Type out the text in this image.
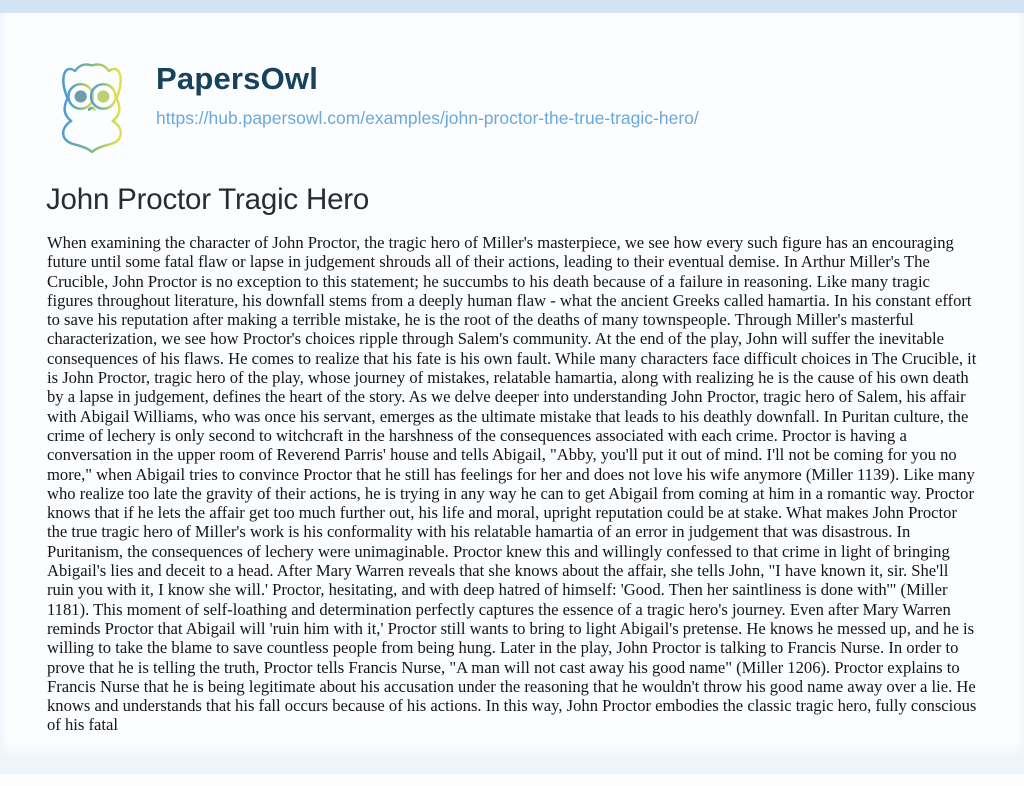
PapersOwl
https://hub.papersowl.com/examples/john-proctor-the-true-tragic-hero/
John Proctor Tragic Hero

When examining the character of John Proctor, the tragic hero of Miller's masterpiece, we see how every such figure has an encouraging future until some fatal flaw or lapse in judgement shrouds all of their actions, leading to their eventual demise. In Arthur Miller's The Crucible, John Proctor is no exception to this statement; he succumbs to his death because of a failure in reasoning. Like many tragic figures throughout literature, his downfall stems from a deeply human flaw - what the ancient Greeks called hamartia. In his constant effort to save his reputation after making a terrible mistake, he is the root of the deaths of many townspeople. Through Miller's masterful characterization, we see how Proctor's choices ripple through Salem's community. At the end of the play, John will suffer the inevitable consequences of his flaws. He comes to realize that his fate is his own fault. While many characters face difficult choices in The Crucible, it is John Proctor, tragic hero of the play, whose journey of mistakes, relatable hamartia, along with realizing he is the cause of his own death by a lapse in judgement, defines the heart of the story. As we delve deeper into understanding John Proctor, tragic hero of Salem, his affair with Abigail Williams, who was once his servant, emerges as the ultimate mistake that leads to his deathly downfall. In Puritan culture, the crime of lechery is only second to witchcraft in the harshness of the consequences associated with each crime. Proctor is having a conversation in the upper room of Reverend Parris' house and tells Abigail, "Abby, you'll put it out of mind. I'll not be coming for you no more," when Abigail tries to convince Proctor that he still has feelings for her and does not love his wife anymore (Miller 1139). Like many who realize too late the gravity of their actions, he is trying in any way he can to get Abigail from coming at him in a romantic way. Proctor knows that if he lets the affair get too much further out, his life and moral, upright reputation could be at stake. What makes John Proctor the true tragic hero of Miller's work is his conformality with his relatable hamartia of an error in judgement that was disastrous. In Puritanism, the consequences of lechery were unimaginable. Proctor knew this and willingly confessed to that crime in light of bringing Abigail's lies and deceit to a head. After Mary Warren reveals that she knows about the affair, she tells John, "I have known it, sir. She'll ruin you with it, I know she will.' Proctor, hesitating, and with deep hatred of himself: 'Good. Then her saintliness is done with'" (Miller 1181). This moment of self-loathing and determination perfectly captures the essence of a tragic hero's journey. Even after Mary Warren reminds Proctor that Abigail will 'ruin him with it,' Proctor still wants to bring to light Abigail's pretense. He knows he messed up, and he is willing to take the blame to save countless people from being hung. Later in the play, John Proctor is talking to Francis Nurse. In order to prove that he is telling the truth, Proctor tells Francis Nurse, "A man will not cast away his good name" (Miller 1206). Proctor explains to Francis Nurse that he is being legitimate about his accusation under the reasoning that he wouldn't throw his good name away over a lie. He knows and understands that his fall occurs because of his actions. In this way, John Proctor embodies the classic tragic hero, fully conscious of his fatal
